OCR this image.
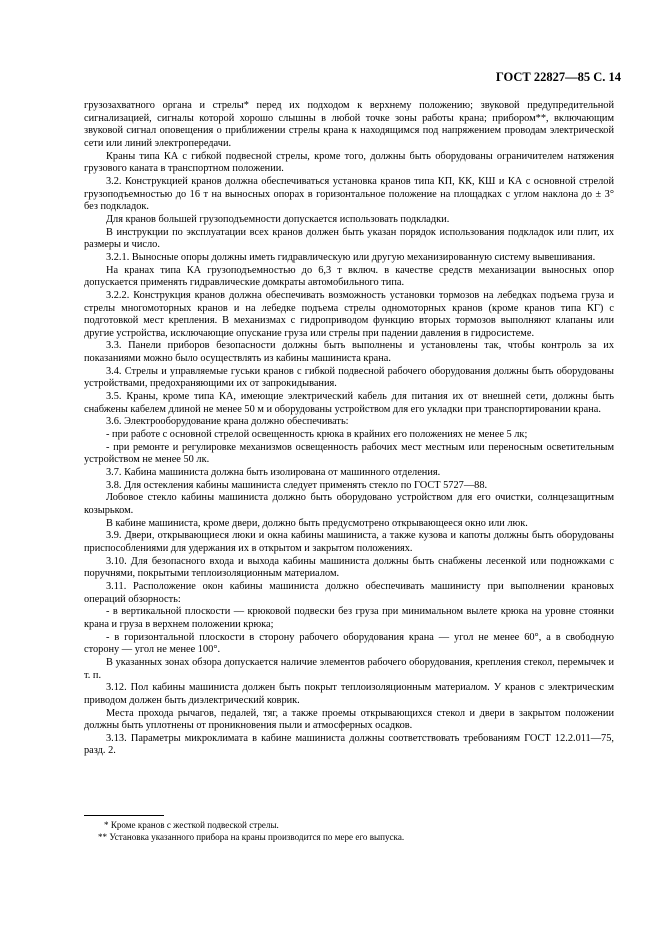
ГОСТ 22827—85 С. 14

грузозахватного органа и стрелы* перед их подходом к верхнему положению; звуковой предупредительной сигнализацией, сигналы которой хорошо слышны в любой точке зоны работы крана; прибором**, включающим звуковой сигнал оповещения о приближении стрелы крана к находящимся под напряжением проводам электрической сети или линий электропередачи.

Краны типа КА с гибкой подвесной стрелы, кроме того, должны быть оборудованы ограничителем натяжения грузового каната в транспортном положении.

3.2. Конструкцией кранов должна обеспечиваться установка кранов типа КП, КК, КШ и КА с основной стрелой грузоподъемностью до 16 т на выносных опорах в горизонтальное положение на площадках с углом наклона до ± 3° без подкладок.

Для кранов большей грузоподъемности допускается использовать подкладки.

В инструкции по эксплуатации всех кранов должен быть указан порядок использования подкладок или плит, их размеры и число.

3.2.1. Выносные опоры должны иметь гидравлическую или другую механизированную систему вывешивания.

На кранах типа КА грузоподъемностью до 6,3 т включ. в качестве средств механизации выносных опор допускается применять гидравлические домкраты автомобильного типа.

3.2.2. Конструкция кранов должна обеспечивать возможность установки тормозов на лебедках подъема груза и стрелы многомоторных кранов и на лебедке подъема стрелы одномоторных кранов (кроме кранов типа КГ) с подготовкой мест крепления. В механизмах с гидроприводом функцию вторых тормозов выполняют клапаны или другие устройства, исключающие опускание груза или стрелы при падении давления в гидросистеме.

3.3. Панели приборов безопасности должны быть выполнены и установлены так, чтобы контроль за их показаниями можно было осуществлять из кабины машиниста крана.

3.4. Стрелы и управляемые гуськи кранов с гибкой подвесной рабочего оборудования должны быть оборудованы устройствами, предохраняющими их от запрокидывания.

3.5. Краны, кроме типа КА, имеющие электрический кабель для питания их от внешней сети, должны быть снабжены кабелем длиной не менее 50 м и оборудованы устройством для его укладки при транспортировании крана.

3.6. Электрооборудование крана должно обеспечивать:

- при работе с основной стрелой освещенность крюка в крайних его положениях не менее 5 лк;

- при ремонте и регулировке механизмов освещенность рабочих мест местным или переносным осветительным устройством не менее 50 лк.

3.7. Кабина машиниста должна быть изолирована от машинного отделения.

3.8. Для остекления кабины машиниста следует применять стекло по ГОСТ 5727—88.

Лобовое стекло кабины машиниста должно быть оборудовано устройством для его очистки, солнцезащитным козырьком.

В кабине машиниста, кроме двери, должно быть предусмотрено открывающееся окно или люк.

3.9. Двери, открывающиеся люки и окна кабины машиниста, а также кузова и капоты должны быть оборудованы приспособлениями для удержания их в открытом и закрытом положениях.

3.10. Для безопасного входа и выхода кабины машиниста должны быть снабжены лесенкой или подножками с поручнями, покрытыми теплоизоляционным материалом.

3.11. Расположение окон кабины машиниста должно обеспечивать машинисту при выполнении крановых операций обзорность:

- в вертикальной плоскости — крюковой подвески без груза при минимальном вылете крюка на уровне стоянки крана и груза в верхнем положении крюка;

- в горизонтальной плоскости в сторону рабочего оборудования крана — угол не менее 60°, а в свободную сторону — угол не менее 100°.

В указанных зонах обзора допускается наличие элементов рабочего оборудования, крепления стекол, перемычек и т. п.

3.12. Пол кабины машиниста должен быть покрыт теплоизоляционным материалом. У кранов с электрическим приводом должен быть диэлектрический коврик.

Места прохода рычагов, педалей, тяг, а также проемы открывающихся стекол и двери в закрытом положении должны быть уплотнены от проникновения пыли и атмосферных осадков.

3.13. Параметры микроклимата в кабине машиниста должны соответствовать требованиям ГОСТ 12.2.011—75, разд. 2.

* Кроме кранов с жесткой подвеской стрелы.

** Установка указанного прибора на краны производится по мере его выпуска.
